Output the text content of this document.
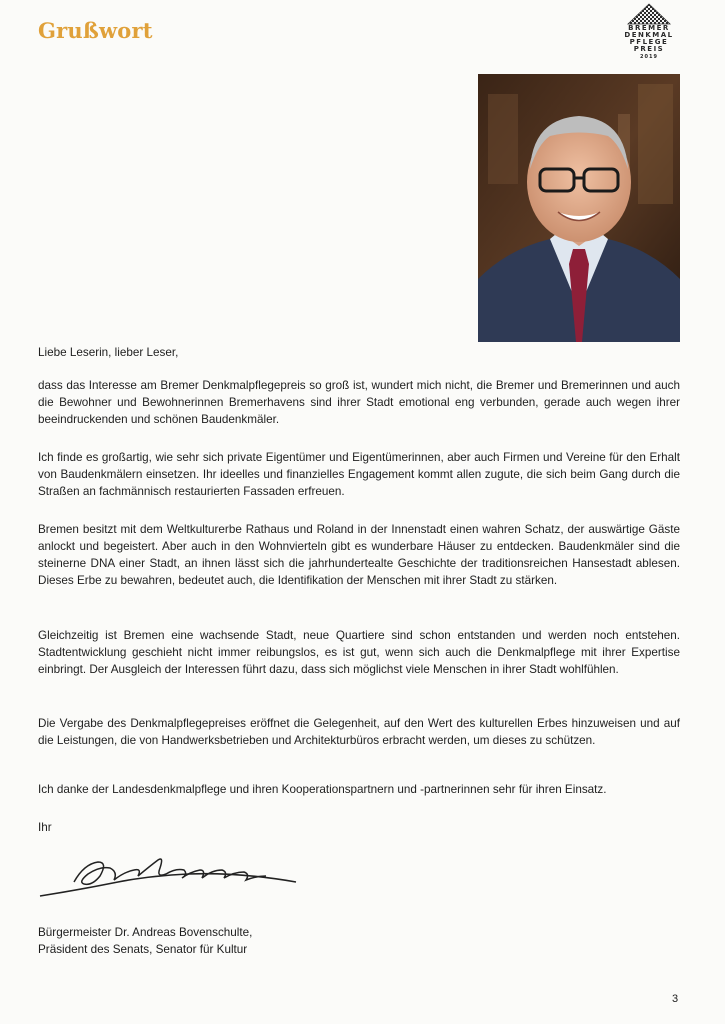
Grußwort	BREMER
DENKMAL
PFLEGE
PREIS
2019
Liebe Leserin, lieber Leser,
dass das Interesse am Bremer Denkmalpflegepreis so groß ist, wundert mich nicht, die Bremer und Bremerinnen und auch die Bewohner und Bewohnerinnen Bremerhavens sind ihrer Stadt emotional eng verbunden, gerade auch wegen ihrer beeindruckenden und schönen Baudenkmäler.
Ich finde es großartig, wie sehr sich private Eigentümer und Eigentümerinnen, aber auch Firmen und Vereine für den Erhalt von Baudenkmälern einsetzen. Ihr ideelles und finanzielles Engagement kommt allen zugute, die sich beim Gang durch die Straßen an fachmännisch restaurierten Fassaden erfreuen.
Bremen besitzt mit dem Weltkulturerbe Rathaus und Roland in der Innenstadt einen wahren Schatz, der auswärtige Gäste anlockt und begeistert. Aber auch in den Wohnvierteln gibt es wunderbare Häuser zu entdecken. Baudenkmäler sind die steinerne DNA einer Stadt, an ihnen lässt sich die jahrhundertealte Geschichte der traditionsreichen Hansestadt ablesen. Dieses Erbe zu bewahren, bedeutet auch, die Identifikation der Menschen mit ihrer Stadt zu stärken.
Gleichzeitig ist Bremen eine wachsende Stadt, neue Quartiere sind schon entstanden und werden noch entstehen. Stadtentwicklung geschieht nicht immer reibungslos, es ist gut, wenn sich auch die Denkmalpflege mit ihrer Expertise einbringt. Der Ausgleich der Interessen führt dazu, dass sich möglichst viele Menschen in ihrer Stadt wohlfühlen.
Die Vergabe des Denkmalpflegepreises eröffnet die Gelegenheit, auf den Wert des kulturellen Erbes hinzuweisen und auf die Leistungen, die von Handwerksbetrieben und Architekturbüros erbracht werden, um dieses zu schützen.
Ich danke der Landesdenkmalpflege und ihren Kooperationspartnern und -partnerinnen sehr für ihren Einsatz.
Ihr
Bürgermeister Dr. Andreas Bovenschulte,
Präsident des Senats, Senator für Kultur
3
